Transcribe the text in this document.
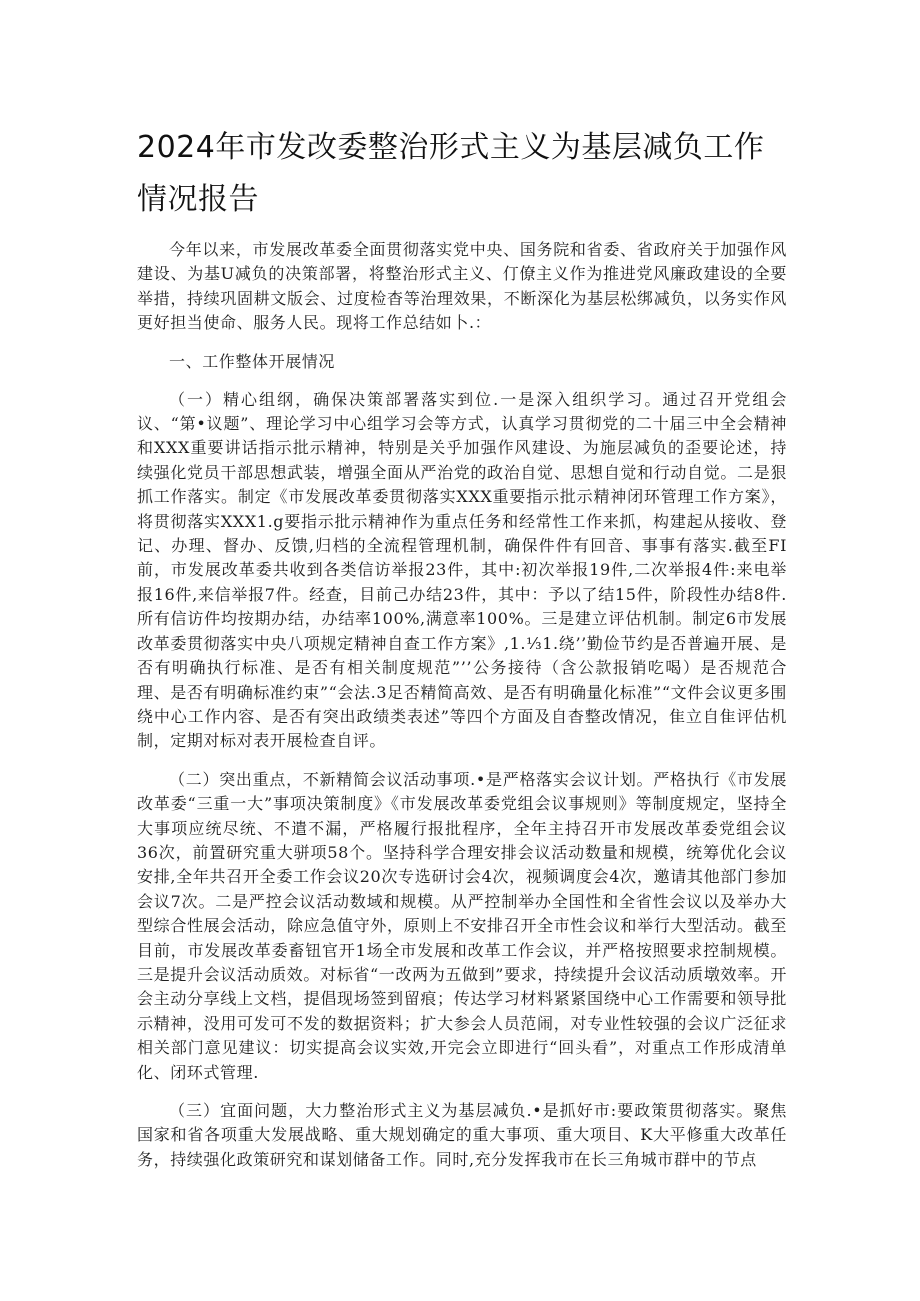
2024年市发改委整治形式主义为基层减负工作情况报告

今年以来，市发展改革委全面贯彻落实党中央、国务院和省委、省政府关于加强作风建设、为基U减负的决策部署，将整治形式主义、仃僚主义作为推进党风廉政建设的全要举措，持续巩固耕文版会、过度检杳等治理效果，不断深化为基层松绑减负，以务实作风更好担当使命、服务人民。现将工作总结如卜.：

一、工作整体开展情况

（一）精心组纲，确保决策部署落实到位.一是深入组织学习。通过召开党组会议、“第•议题”、理论学习中心组学习会等方式，认真学习贯彻党的二十届三中全会精神和XXX重要讲话指示批示精神，特别是关乎加强作风建设、为施层减负的歪要论述，持续强化党员干部思想武装，增强全面从严治党的政治自觉、思想自觉和行动自觉。二是狠抓工作落实。制定《市发展改革委贯彻落实XXX重要指示批示精神闭环管理工作方案》，将贯彻落实XXX1.g要指示批示精神作为重点任务和经常性工作来抓，构建起从接收、登记、办理、督办、反馈,归档的全流程管理机制，确保件件有回音、事事有落实.截至FI前，市发展改革委共收到各类信访举报23件，其中:初次举报19件,二次举报4件:来电举报16件,来信举报7件。经查，目前己办结23件，其中：予以了结15件，阶段性办结8件.所有信访件均按期办结，办结率100%,满意率100%。三是建立评估机制。制定6市发展改革委贯彻落实中央八项规定精神自查工作方案》,1.⅓1.绕’’勤俭节约是否普遍开展、是否有明确执行标准、是否有相关制度规范”’’公务接待（含公款报销吃喝）是否规范合理、是否有明确标准约束”“会法.3足否精简高效、是否有明确量化标准”“文件会议更多围绕中心工作内容、是否有突出政绩类表述”等四个方面及自杳整改情况，隹立自隹评估机制，定期对标对表开展检查自评。

（二）突出重点，不新精简会议活动事项.•是严格落实会议计划。严格执行《市发展改革委“三重一大”事项决策制度》《市发展改革委党组会议事规则》等制度规定，坚持全大事项应统尽统、不遣不漏，严格履行报批程序，全年主持召开市发展改革委党组会议36次，前置研究重大骈项58个。坚持科学合理安排会议活动数量和规模，统筹优化会议安排,全年共召开全委工作会议20次专选研讨会4次，视频调度会4次，邀请其他部门参加会议7次。二是严控会议活动数域和规模。从严控制举办全国性和全省性会议以及举办大型综合性展会活动，除应急值守外，原则上不安排召开全市性会议和举行大型活动。截至目前，市发展改革委畜钮官开1场全市发展和改革工作会议，并严格按照要求控制规模。三是提升会议活动质效。对标省“一改两为五做到”要求，持续提升会议活动质墩效率。开会主动分享线上文档，提倡现场签到留痕；传达学习材料紧紧国绕中心工作需要和领导批示精神，没用可发可不发的数据资料；扩大参会人员范闹，对专业性较强的会议广泛征求相关部门意见建议：切实提高会议实效,开完会立即进行“回头看”，对重点工作形成清单化、闭环式管理.

（三）宜面问题，大力整治形式主义为基层减负.•是抓好市:要政策贯彻落实。聚焦国家和省各项重大发展战略、重大规划确定的重大事项、重大项目、K大平修重大改革任务，持续强化政策研究和谋划储备工作。同时,充分发挥我市在长三角城市群中的节点
